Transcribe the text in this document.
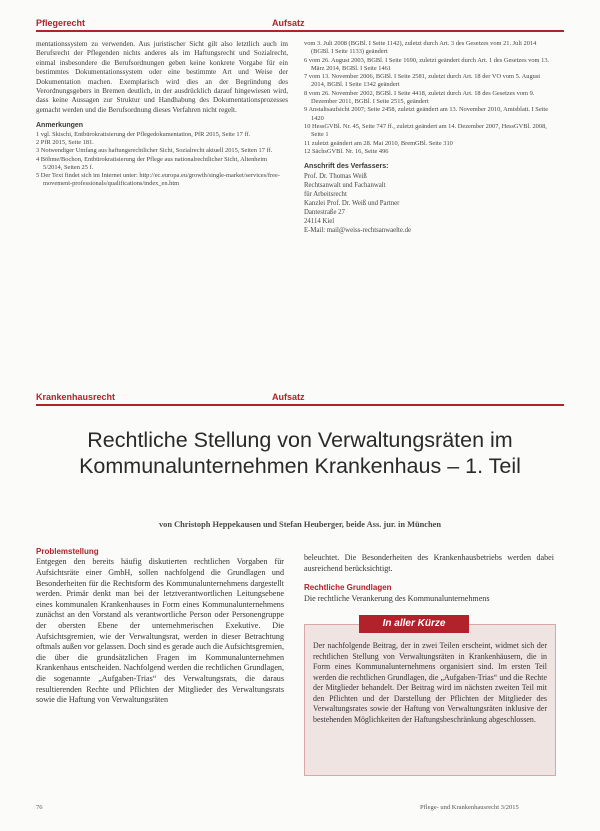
Pflegerecht	Aufsatz

mentationssystem zu verwenden. Aus juristischer Sicht gilt also letztlich auch im Berufsrecht der Pflegenden nichts anderes als im Haftungsrecht und Sozialrecht, einmal insbesondere die Berufsordnungen geben keine konkrete Vorgabe für ein bestimmtes Dokumentationssystem oder eine bestimmte Art und Weise der Dokumentation machen. Exemplarisch wird dies an der Begründung des Verordnungsgebers in Bremen deutlich, in der ausdrücklich darauf hingewiesen wird, dass keine Aussagen zur Struktur und Handhabung des Dokumentationsprozesses gemacht werden und die Berufsordnung dieses Verfahren nicht regelt.

Anmerkungen

1 vgl. Skischi, Entbürokratisierung der Pflegedokumentation, PfR 2015, Seite 17 ff.

2 PfR 2015, Seite 181.

3 Notwendiger Umfang aus haftungsrechtlicher Sicht, Sozialrecht aktuell 2015, Seiten 17 ff.

4 Böhme/Bochon, Entbürokratisierung der Pflege aus nationalrechtlicher Sicht, Altenheim 5/2014, Seiten 25 f.

5 Der Text findet sich im Internet unter: http://ec.europa.eu/growth/single-market/services/free-movement-professionals/qualifications/index_en.htm

vom 3. Juli 2008 (BGBl. I Seite 1142), zuletzt durch Art. 3 des Gesetzes vom 21. Juli 2014 (BGBl. I Seite 1133) geändert

6 vom 26. August 2003, BGBl. I Seite 1690, zuletzt geändert durch Art. 1 des Gesetzes vom 13. März 2014, BGBl. I Seite 1461

7 vom 13. November 2006, BGBl. I Seite 2581, zuletzt durch Art. 18 der VO vom 5. August 2014, BGBl. I Seite 1342 geändert

8 vom 26. November 2002, BGBl. I Seite 4418, zuletzt durch Art. 18 des Gesetzes vom 9. Dezember 2011, BGBl. I Seite 2515, geändert

9 Anstaltsaufsicht 2007; Seite 2458, zuletzt geändert am 13. November 2010, Amtsblatt. I Seite 1420

10 HessGVBl. Nr. 45, Seite 747 ff., zuletzt geändert am 14. Dezember 2007, HessGVBl. 2008, Seite 1

11 zuletzt geändert am 28. Mai 2010, BremGBl. Seite 310

12 SächsGVBl. Nr. 16, Seite 496

Anschrift des Verfassers:

Prof. Dr. Thomas Weiß

Rechtsanwalt und Fachanwalt

für Arbeitsrecht

Kanzlei Prof. Dr. Weiß und Partner

Dantestraße 27

24114 Kiel

E-Mail: mail@weiss-rechtsanwaelte.de

Krankenhausrecht	Aufsatz
Rechtliche Stellung von Verwaltungsräten im Kommunalunternehmen Krankenhaus – 1. Teil
von Christoph Heppekausen und Stefan Heuberger, beide Ass. jur. in München
Problemstellung

Entgegen den bereits häufig diskutierten rechtlichen Vorgaben für Aufsichtsräte einer GmbH, sollen nachfolgend die Grundlagen und Besonderheiten für die Rechtsform des Kommunalunternehmens dargestellt werden. Primär denkt man bei der letztverantwortlichen Leitungsebene eines kommunalen Krankenhauses in Form eines Kommunalunternehmens zunächst an den Vorstand als verantwortliche Person oder Personengruppe der obersten Ebene der unternehmerischen Exekutive. Die Aufsichtsgremien, wie der Verwaltungsrat, werden in dieser Betrachtung oftmals außen vor gelassen. Doch sind es gerade auch die Aufsichtsgremien, die über die grundsätzlichen Fragen im Kommunalunternehmen Krankenhaus entscheiden. Nachfolgend werden die rechtlichen Grundlagen, die sogenannte „Aufgaben-Trias“ des Verwaltungsrats, die daraus resultierenden Rechte und Pflichten der Mitglieder des Verwaltungsrats sowie die Haftung von Verwaltungsräten

beleuchtet. Die Besonderheiten des Krankenhausbetriebs werden dabei ausreichend berücksichtigt.

Rechtliche Grundlagen

Die rechtliche Verankerung des Kommunalunternehmens

In aller Kürze
Der nachfolgende Beitrag, der in zwei Teilen erscheint, widmet sich der rechtlichen Stellung von Verwaltungsräten in Krankenhäusern, die in Form eines Kommunalunternehmens organisiert sind. Im ersten Teil werden die rechtlichen Grundlagen, die „Aufgaben-Trias“ und die Rechte der Mitglieder behandelt. Der Beitrag wird im nächsten zweiten Teil mit den Pflichten und der Darstellung der Pflichten der Mitglieder des Verwaltungsrates sowie der Haftung von Verwaltungsräten inklusive der bestehenden Möglichkeiten der Haftungsbeschränkung abgeschlossen.
76	Pflege- und Krankenhausrecht 3/2015
